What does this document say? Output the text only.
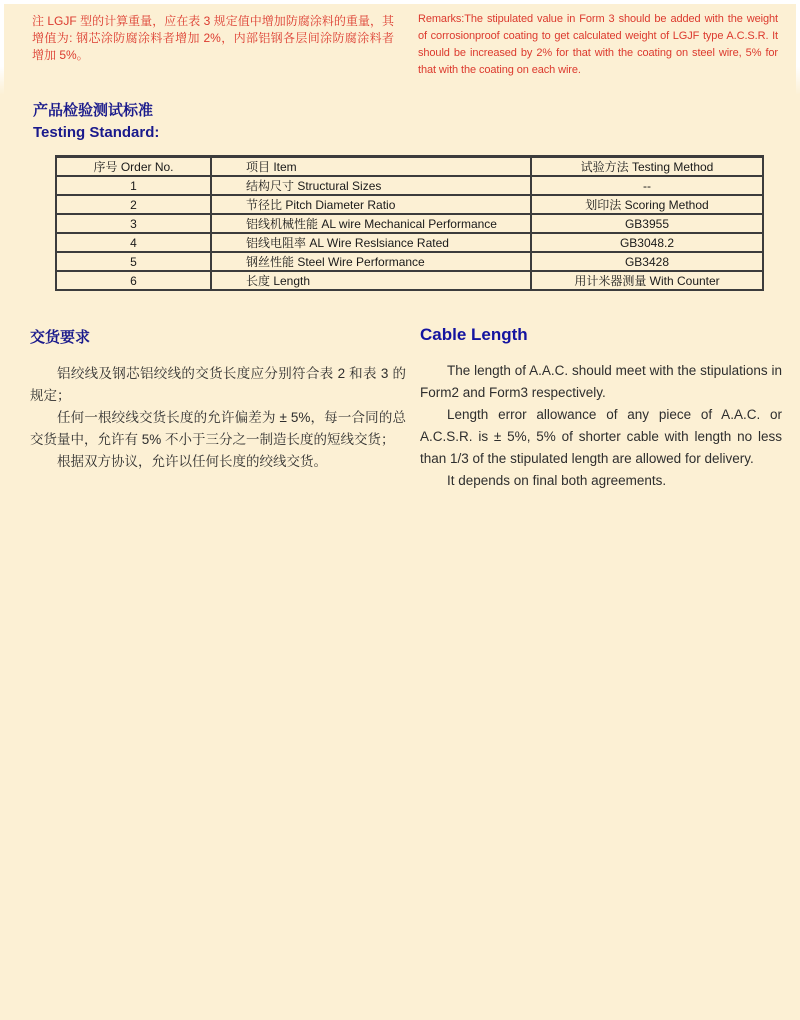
注 LGJF 型的计算重量，应在表 3 规定值中增加防腐涂料的重量，其增值为: 钢芯涂防腐涂料者增加 2%，内部铝钢各层间涂防腐涂料者增加 5%。
Remarks:The stipulated value in Form 3 should be added with the weight of corrosionproof coating to get calculated weight of LGJF type A.C.S.R. It should be increased by 2% for that with the coating on steel wire, 5% for that with the coating on each wire.
产品检验测试标准
Testing Standard:
序号 Order No.	项目 Item	试验方法 Testing Method
1	结构尺寸 Structural Sizes	--
2	节径比 Pitch Diameter Ratio	划印法 Scoring Method
3	铝线机械性能 AL wire Mechanical Performance	GB3955
4	铝线电阻率 AL Wire Reslsiance Rated	GB3048.2
5	钢丝性能 Steel Wire Performance	GB3428
6	长度 Length	用计米器测量 With Counter
交货要求

铝绞线及钢芯铝绞线的交货长度应分别符合表 2 和表 3 的规定；

任何一根绞线交货长度的允许偏差为 ± 5%，每一合同的总交货量中，允许有 5% 不小于三分之一制造长度的短线交货；

根据双方协议，允许以任何长度的绞线交货。

Cable Length

The length of A.A.C. should meet with the stipulations in Form2 and Form3 respectively.

Length error allowance of any piece of A.A.C. or A.C.S.R. is ± 5%, 5% of shorter cable with length no less than 1/3 of the stipulated length are allowed for delivery.

It depends on final both agreements.
